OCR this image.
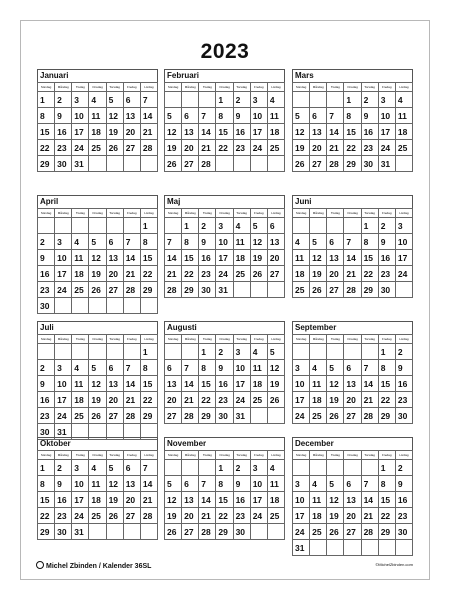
2023
Januari
Söndag	Måndag	Tisdag	Onsdag	Torsdag	Fredag	Lördag
1	2	3	4	5	6	7
8	9	10	11	12	13	14
15	16	17	18	19	20	21
22	23	24	25	26	27	28
29	30	31				
Februari
Söndag	Måndag	Tisdag	Onsdag	Torsdag	Fredag	Lördag
			1	2	3	4
5	6	7	8	9	10	11
12	13	14	15	16	17	18
19	20	21	22	23	24	25
26	27	28				
Mars
Söndag	Måndag	Tisdag	Onsdag	Torsdag	Fredag	Lördag
			1	2	3	4
5	6	7	8	9	10	11
12	13	14	15	16	17	18
19	20	21	22	23	24	25
26	27	28	29	30	31	
April
Söndag	Måndag	Tisdag	Onsdag	Torsdag	Fredag	Lördag
						1
2	3	4	5	6	7	8
9	10	11	12	13	14	15
16	17	18	19	20	21	22
23	24	25	26	27	28	29
30						
Maj
Söndag	Måndag	Tisdag	Onsdag	Torsdag	Fredag	Lördag
	1	2	3	4	5	6
7	8	9	10	11	12	13
14	15	16	17	18	19	20
21	22	23	24	25	26	27
28	29	30	31			
Juni
Söndag	Måndag	Tisdag	Onsdag	Torsdag	Fredag	Lördag
				1	2	3
4	5	6	7	8	9	10
11	12	13	14	15	16	17
18	19	20	21	22	23	24
25	26	27	28	29	30	
Juli
Söndag	Måndag	Tisdag	Onsdag	Torsdag	Fredag	Lördag
						1
2	3	4	5	6	7	8
9	10	11	12	13	14	15
16	17	18	19	20	21	22
23	24	25	26	27	28	29
30	31					
Augusti
Söndag	Måndag	Tisdag	Onsdag	Torsdag	Fredag	Lördag
		1	2	3	4	5
6	7	8	9	10	11	12
13	14	15	16	17	18	19
20	21	22	23	24	25	26
27	28	29	30	31		
September
Söndag	Måndag	Tisdag	Onsdag	Torsdag	Fredag	Lördag
					1	2
3	4	5	6	7	8	9
10	11	12	13	14	15	16
17	18	19	20	21	22	23
24	25	26	27	28	29	30
Oktober
Söndag	Måndag	Tisdag	Onsdag	Torsdag	Fredag	Lördag
1	2	3	4	5	6	7
8	9	10	11	12	13	14
15	16	17	18	19	20	21
22	23	24	25	26	27	28
29	30	31				
November
Söndag	Måndag	Tisdag	Onsdag	Torsdag	Fredag	Lördag
			1	2	3	4
5	6	7	8	9	10	11
12	13	14	15	16	17	18
19	20	21	22	23	24	25
26	27	28	29	30		
December
Söndag	Måndag	Tisdag	Onsdag	Torsdag	Fredag	Lördag
					1	2
3	4	5	6	7	8	9
10	11	12	13	14	15	16
17	18	19	20	21	22	23
24	25	26	27	28	29	30
31						
Michel Zbinden / Kalender 36SL	©MichelZbinden.com
